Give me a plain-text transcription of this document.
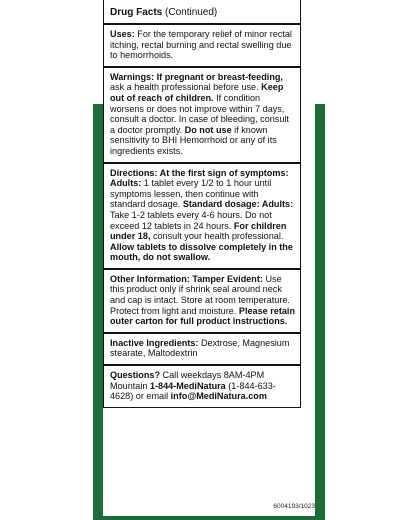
Drug Facts (Continued)

Uses: For the temporary relief of minor rectal itching, rectal burning and rectal swelling due to hemorrhoids.

Warnings: If pregnant or breast-feeding, ask a health professional before use. Keep out of reach of children. If condition worsens or does not improve within 7 days, consult a doctor. In case of bleeding, consult a doctor promptly. Do not use if known sensitivity to BHI Hemorrhoid or any of its ingredients exists.

Directions: At the first sign of symptoms: Adults: 1 tablet every 1/2 to 1 hour until symptoms lessen, then continue with standard dosage. Standard dosage: Adults: Take 1-2 tablets every 4-6 hours. Do not exceed 12 tablets in 24 hours. For children under 18, consult your health professional. Allow tablets to dissolve completely in the mouth, do not swallow.

Other Information: Tamper Evident: Use this product only if shrink seal around neck and cap is intact. Store at room temperature. Protect from light and moisture. Please retain outer carton for full product instructions.

Inactive Ingredients: Dextrose, Magnesium stearate, Maltodextrin

Questions? Call weekdays 8AM-4PM Mountain 1-844-MediNatura (1-844-633-4628) or email info@MediNatura.com

6004193/1023
